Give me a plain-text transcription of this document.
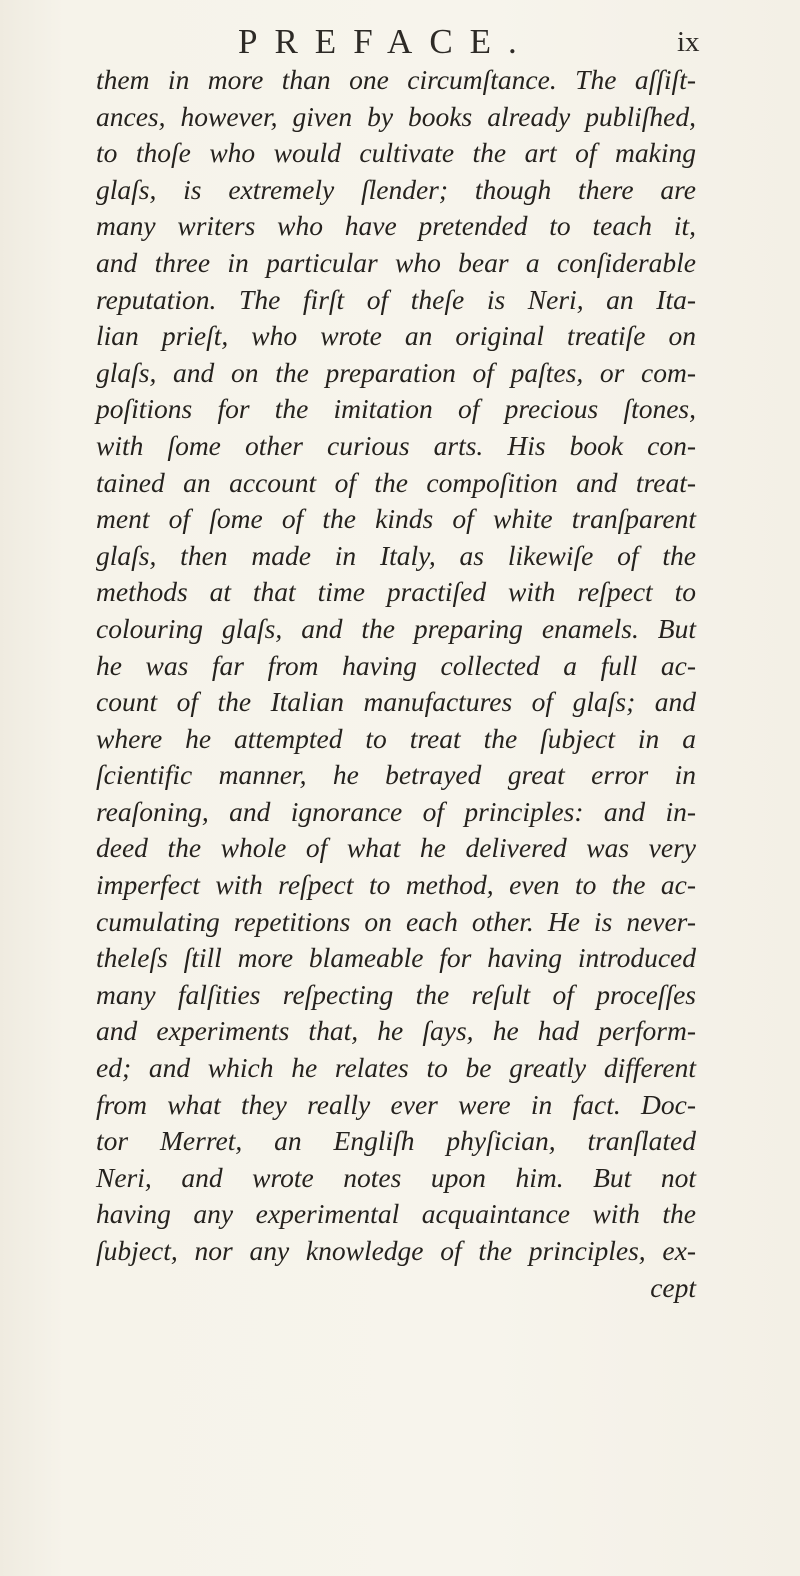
PREFACE.	ix
them in more than one circumſtance. The aſſiſt-
ances, however, given by books already publiſhed,
to thoſe who would cultivate the art of making
glaſs, is extremely ſlender; though there are
many writers who have pretended to teach it,
and three in particular who bear a conſiderable
reputation. The firſt of theſe is Neri, an Ita-
lian prieſt, who wrote an original treatiſe on
glaſs, and on the preparation of paſtes, or com-
poſitions for the imitation of precious ſtones,
with ſome other curious arts. His book con-
tained an account of the compoſition and treat-
ment of ſome of the kinds of white tranſparent
glaſs, then made in Italy, as likewiſe of the
methods at that time practiſed with reſpect to
colouring glaſs, and the preparing enamels. But
he was far from having collected a full ac-
count of the Italian manufactures of glaſs; and
where he attempted to treat the ſubject in a
ſcientific manner, he betrayed great error in
reaſoning, and ignorance of principles: and in-
deed the whole of what he delivered was very
imperfect with reſpect to method, even to the ac-
cumulating repetitions on each other. He is never-
theleſs ſtill more blameable for having introduced
many falſities reſpecting the reſult of proceſſes
and experiments that, he ſays, he had perform-
ed; and which he relates to be greatly different
from what they really ever were in fact. Doc-
tor Merret, an Engliſh phyſician, tranſlated
Neri, and wrote notes upon him. But not
having any experimental acquaintance with the
ſubject, nor any knowledge of the principles, ex-
cept
